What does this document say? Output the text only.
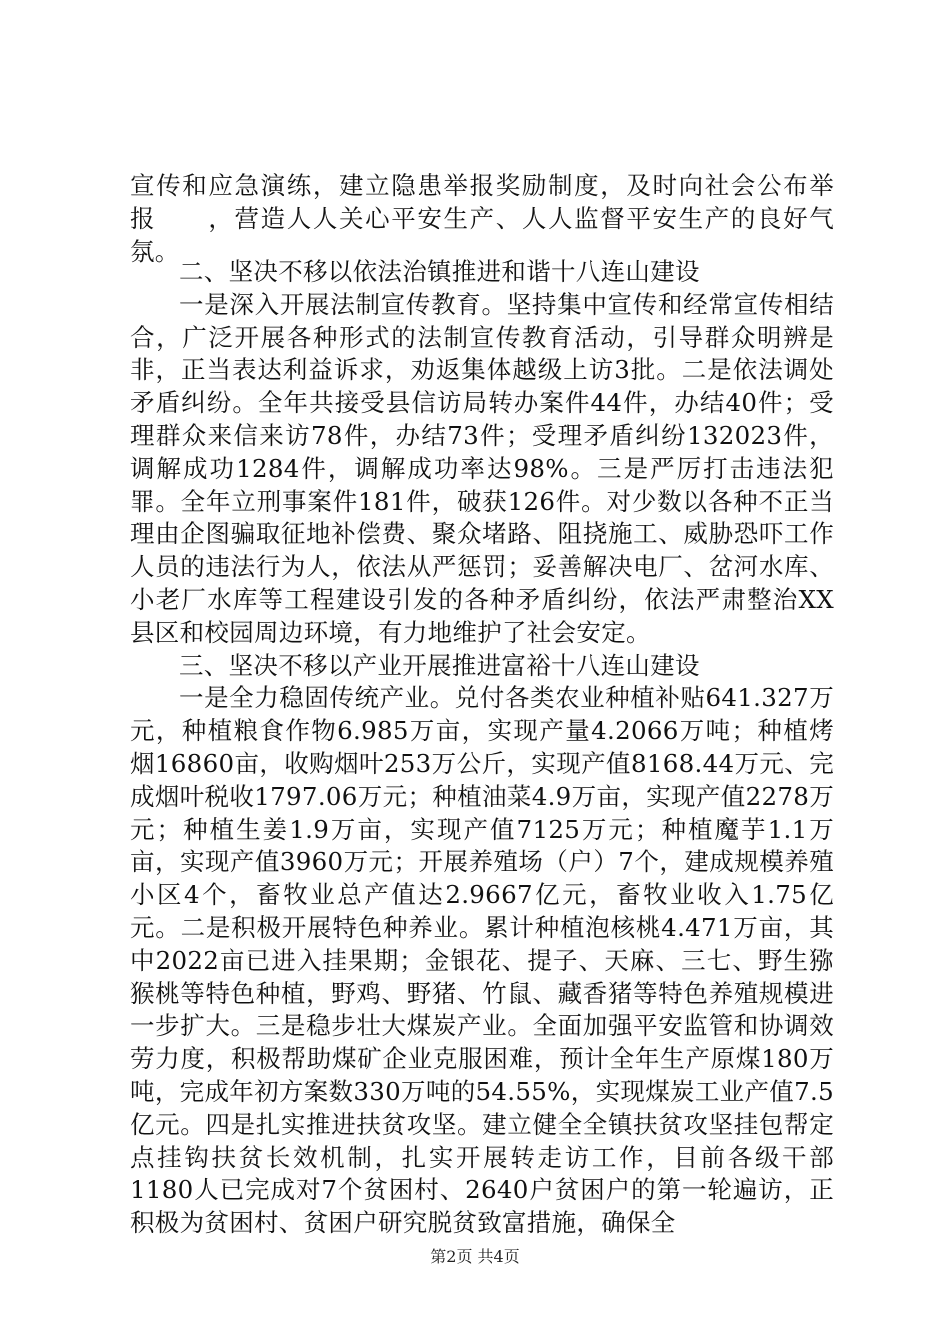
宣传和应急演练，建立隐患举报奖励制度，及时向社会公布举报　　，营造人人关心平安生产、人人监督平安生产的良好气氛。

二、坚决不移以依法治镇推进和谐十八连山建设

一是深入开展法制宣传教育。坚持集中宣传和经常宣传相结合，广泛开展各种形式的法制宣传教育活动，引导群众明辨是非，正当表达利益诉求，劝返集体越级上访3批。二是依法调处矛盾纠纷。全年共接受县信访局转办案件44件，办结40件；受理群众来信来访78件，办结73件；受理矛盾纠纷132023件，调解成功1284件，调解成功率达98%。三是严厉打击违法犯罪。全年立刑事案件181件，破获126件。对少数以各种不正当理由企图骗取征地补偿费、聚众堵路、阻挠施工、威胁恐吓工作人员的违法行为人，依法从严惩罚；妥善解决电厂、岔河水库、小老厂水库等工程建设引发的各种矛盾纠纷，依法严肃整治XX县区和校园周边环境，有力地维护了社会安定。

三、坚决不移以产业开展推进富裕十八连山建设

一是全力稳固传统产业。兑付各类农业种植补贴641.327万元，种植粮食作物6.985万亩，实现产量4.2066万吨；种植烤烟16860亩，收购烟叶253万公斤，实现产值8168.44万元、完成烟叶税收1797.06万元；种植油菜4.9万亩，实现产值2278万元；种植生姜1.9万亩，实现产值7125万元；种植魔芋1.1万亩，实现产值3960万元；开展养殖场（户）7个，建成规模养殖小区4个，畜牧业总产值达2.9667亿元，畜牧业收入1.75亿元。二是积极开展特色种养业。累计种植泡核桃4.471万亩，其中2022亩已进入挂果期；金银花、提子、天麻、三七、野生猕猴桃等特色种植，野鸡、野猪、竹鼠、藏香猪等特色养殖规模进一步扩大。三是稳步壮大煤炭产业。全面加强平安监管和协调效劳力度，积极帮助煤矿企业克服困难，预计全年生产原煤180万吨，完成年初方案数330万吨的54.55%，实现煤炭工业产值7.5亿元。四是扎实推进扶贫攻坚。建立健全全镇扶贫攻坚挂包帮定点挂钩扶贫长效机制，扎实开展转走访工作，目前各级干部1180人已完成对7个贫困村、2640户贫困户的第一轮遍访，正积极为贫困村、贫困户研究脱贫致富措施，确保全

第2页 共4页
